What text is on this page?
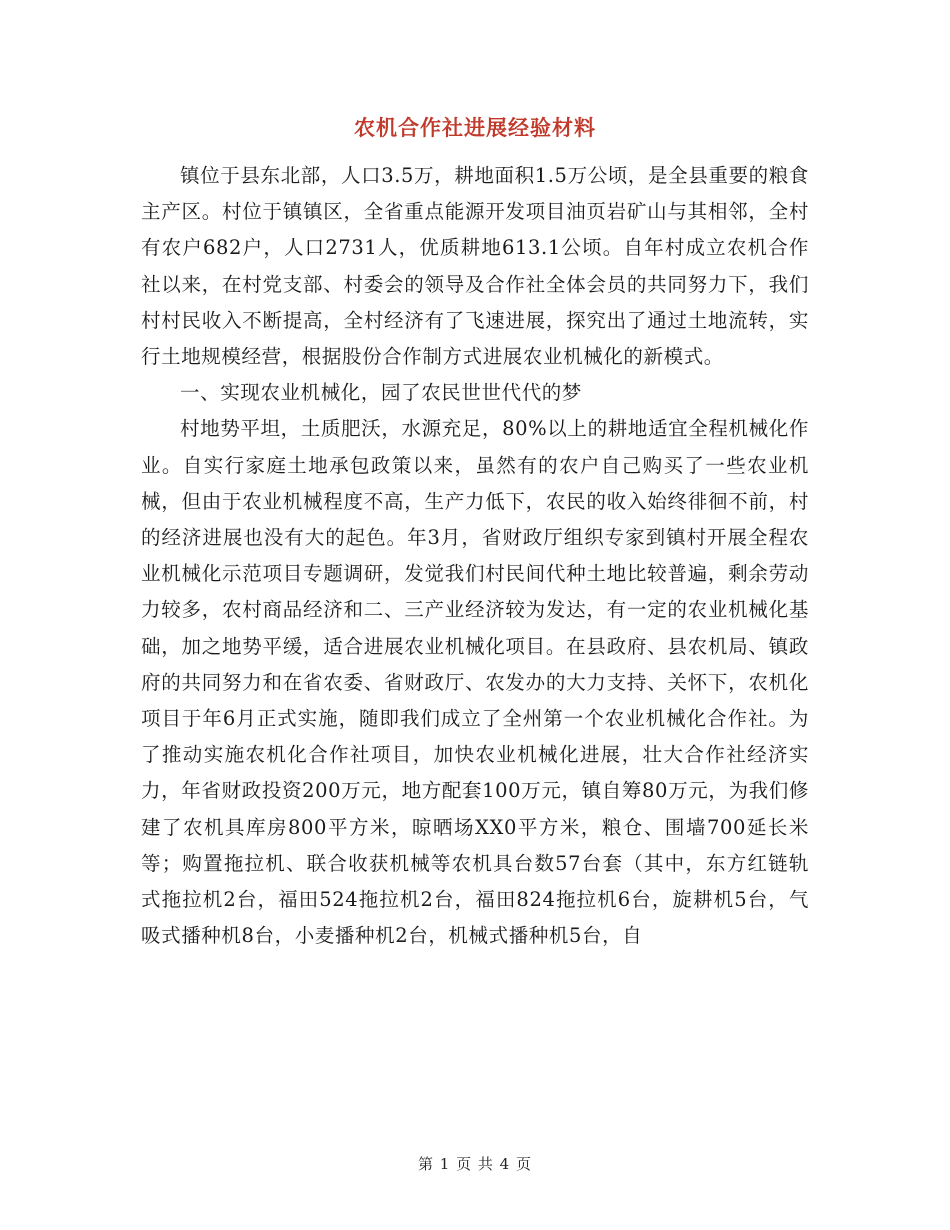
农机合作社进展经验材料

镇位于县东北部，人口3.5万，耕地面积1.5万公顷，是全县重要的粮食主产区。村位于镇镇区，全省重点能源开发项目油页岩矿山与其相邻，全村有农户682户，人口2731人，优质耕地613.1公顷。自年村成立农机合作社以来，在村党支部、村委会的领导及合作社全体会员的共同努力下，我们村村民收入不断提高，全村经济有了飞速进展，探究出了通过土地流转，实行土地规模经营，根据股份合作制方式进展农业机械化的新模式。

一、实现农业机械化，园了农民世世代代的梦

村地势平坦，土质肥沃，水源充足，80%以上的耕地适宜全程机械化作业。自实行家庭土地承包政策以来，虽然有的农户自己购买了一些农业机械，但由于农业机械程度不高，生产力低下，农民的收入始终徘徊不前，村的经济进展也没有大的起色。年3月，省财政厅组织专家到镇村开展全程农业机械化示范项目专题调研，发觉我们村民间代种土地比较普遍，剩余劳动力较多，农村商品经济和二、三产业经济较为发达，有一定的农业机械化基础，加之地势平缓，适合进展农业机械化项目。在县政府、县农机局、镇政府的共同努力和在省农委、省财政厅、农发办的大力支持、关怀下，农机化项目于年6月正式实施，随即我们成立了全州第一个农业机械化合作社。为了推动实施农机化合作社项目，加快农业机械化进展，壮大合作社经济实力，年省财政投资200万元，地方配套100万元，镇自筹80万元，为我们修建了农机具库房800平方米，晾晒场XX0平方米，粮仓、围墙700延长米等；购置拖拉机、联合收获机械等农机具台数57台套（其中，东方红链轨式拖拉机2台，福田524拖拉机2台，福田824拖拉机6台，旋耕机5台，气吸式播种机8台，小麦播种机2台，机械式播种机5台，自

第 1 页 共 4 页
